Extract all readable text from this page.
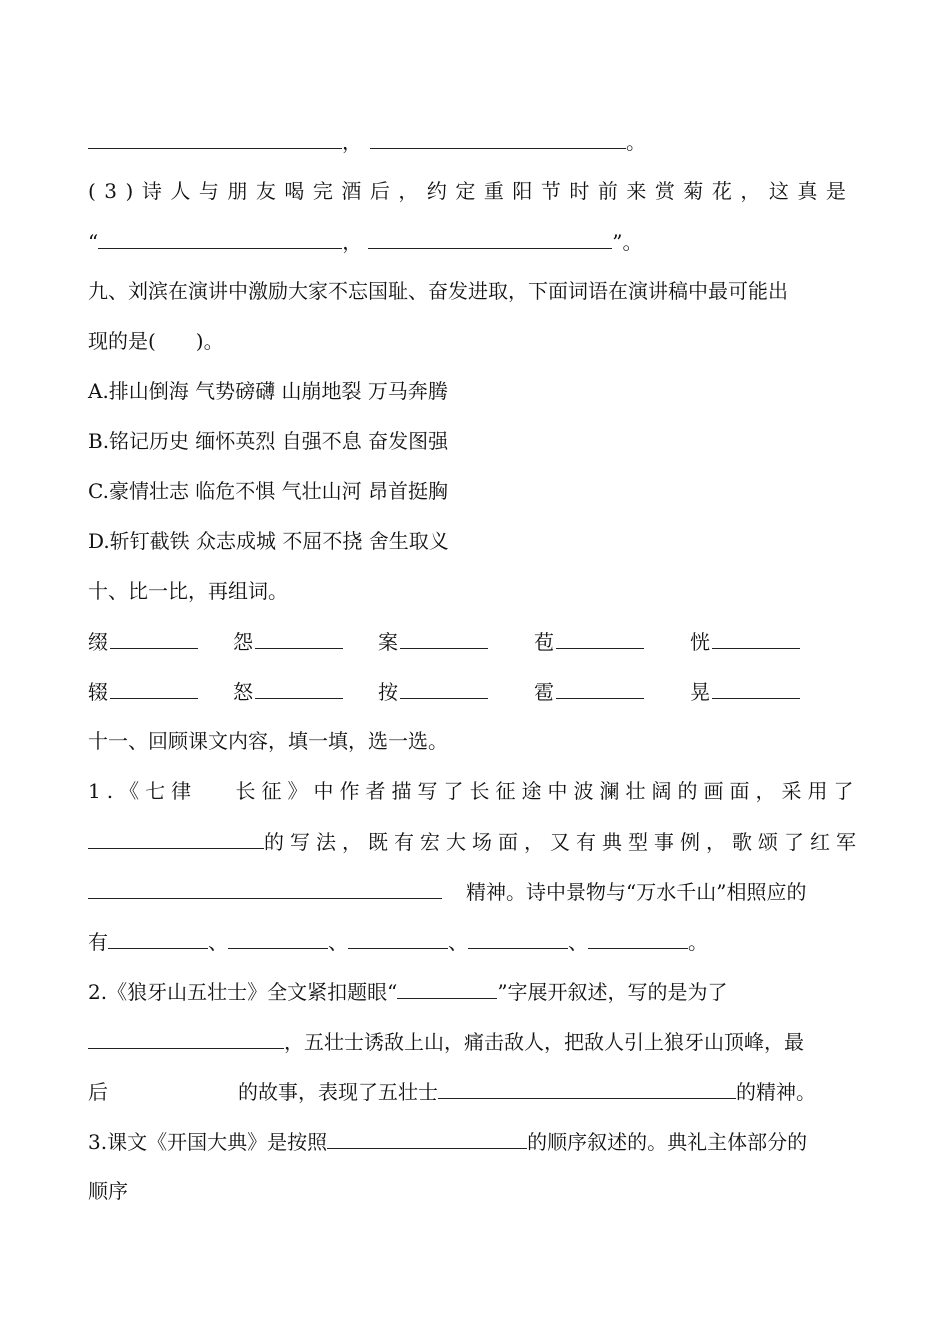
，	。
(3)诗人与朋友喝完酒后，约定重阳节时前来赏菊花，这真是
“	，	”。
九、刘滨在演讲中激励大家不忘国耻、奋发进取，下面词语在演讲稿中最可能出
现的是(　　)。
A.排山倒海 气势磅礴 山崩地裂 万马奔腾
B.铭记历史 缅怀英烈 自强不息 奋发图强
C.豪情壮志 临危不惧 气壮山河 昂首挺胸
D.斩钉截铁 众志成城 不屈不挠 舍生取义
十、比一比，再组词。
缀	怨	案	苞	恍
辍	怒	按	雹	晃
十一、回顾课文内容，填一填，选一选。
1.《七律　 长征》中作者描写了长征途中波澜壮阔的画面，采用了
的写法，既有宏大场面，又有典型事例，歌颂了红军
精神。诗中景物与“万水千山”相照应的
有	、	、	、	、	。
2.《狼牙山五壮士》全文紧扣题眼“	”字展开叙述，写的是为了
，五壮士诱敌上山，痛击敌人，把敌人引上狼牙山顶峰，最
后	的故事，表现了五壮士	的精神。
3.课文《开国大典》是按照	的顺序叙述的。典礼主体部分的
顺序
